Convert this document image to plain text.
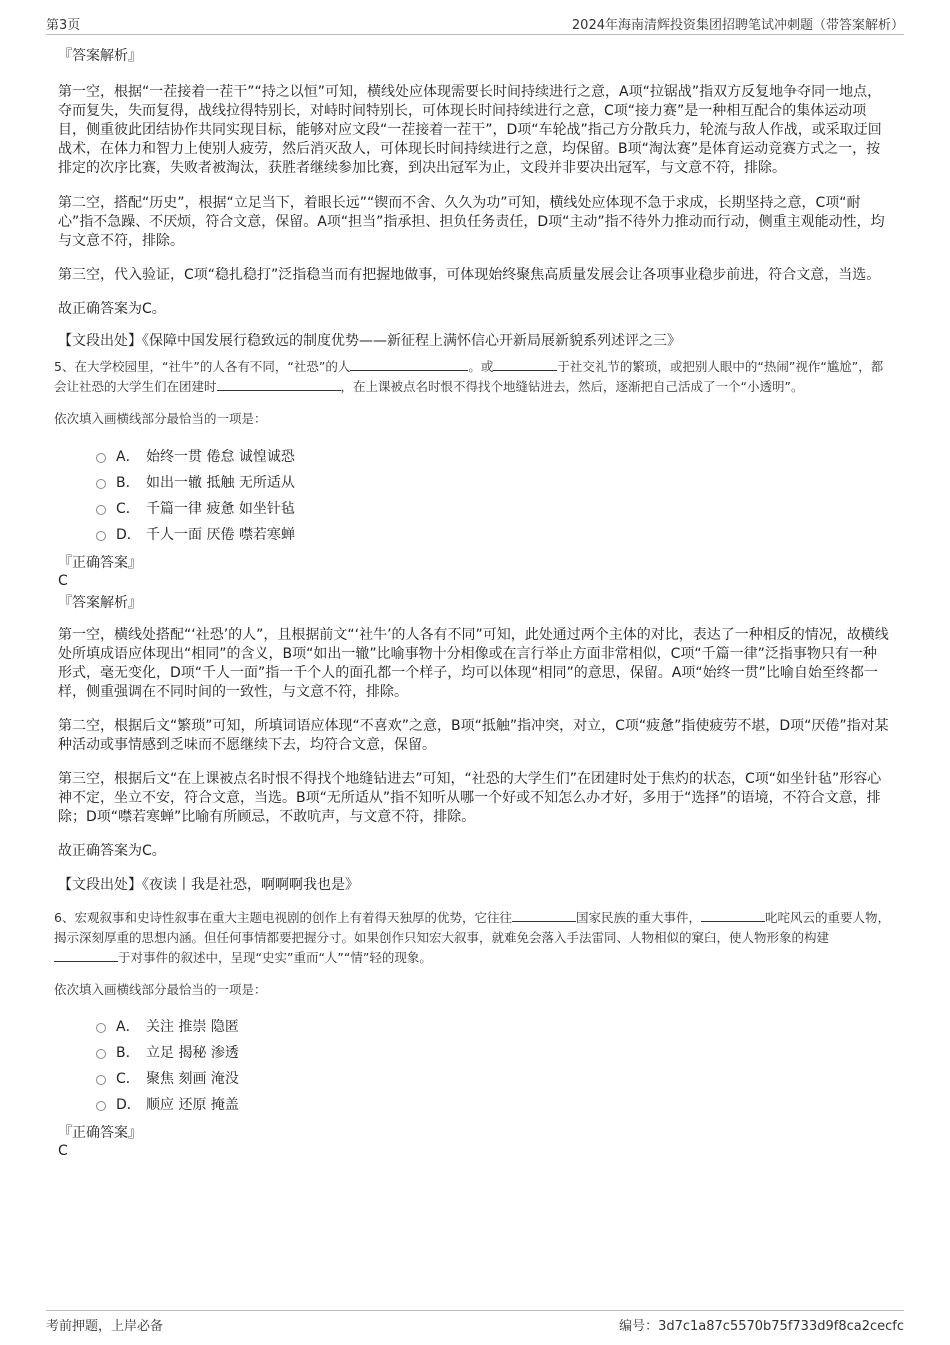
第3页	2024年海南清辉投资集团招聘笔试冲刺题（带答案解析）

『答案解析』

第一空，根据“一茬接着一茬干”“持之以恒”可知，横线处应体现需要长时间持续进行之意，A项“拉锯战”指双方反复地争夺同一地点，夺而复失，失而复得，战线拉得特别长，对峙时间特别长，可体现长时间持续进行之意，C项“接力赛”是一种相互配合的集体运动项目，侧重彼此团结协作共同实现目标，能够对应文段“一茬接着一茬干”，D项“车轮战”指己方分散兵力，轮流与敌人作战，或采取迂回战术，在体力和智力上使别人疲劳，然后消灭敌人，可体现长时间持续进行之意，均保留。B项“淘汰赛”是体育运动竞赛方式之一，按排定的次序比赛，失败者被淘汰，获胜者继续参加比赛，到决出冠军为止，文段并非要决出冠军，与文意不符，排除。

第二空，搭配“历史”，根据“立足当下，着眼长远”“锲而不舍、久久为功”可知，横线处应体现不急于求成，长期坚持之意，C项“耐心”指不急躁、不厌烦，符合文意，保留。A项“担当”指承担、担负任务责任，D项“主动”指不待外力推动而行动，侧重主观能动性，均与文意不符，排除。

第三空，代入验证，C项“稳扎稳打”泛指稳当而有把握地做事，可体现始终聚焦高质量发展会让各项事业稳步前进，符合文意，当选。

故正确答案为C。

【文段出处】《保障中国发展行稳致远的制度优势——新征程上满怀信心开新局展新貌系列述评之三》

5、在大学校园里，“社牛”的人各有不同，“社恐”的人	。或	于社交礼节的繁琐，或把别人眼中的“热闹”视作“尴尬”，都会让社恐的大学生们在团建时	，在上课被点名时恨不得找个地缝钻进去，然后，逐渐把自己活成了一个“小透明”。

依次填入画横线部分最恰当的一项是：

A． 始终一贯 倦怠 诚惶诚恐
B． 如出一辙 抵触 无所适从
C． 千篇一律 疲惫 如坐针毡
D． 千人一面 厌倦 噤若寒蝉

『正确答案』

C

『答案解析』

第一空，横线处搭配“‘社恐’的人”，且根据前文“‘社牛’的人各有不同”可知，此处通过两个主体的对比，表达了一种相反的情况，故横线处所填成语应体现出“相同”的含义，B项“如出一辙”比喻事物十分相像或在言行举止方面非常相似，C项“千篇一律”泛指事物只有一种形式，毫无变化，D项“千人一面”指一千个人的面孔都一个样子，均可以体现“相同”的意思，保留。A项“始终一贯”比喻自始至终都一样，侧重强调在不同时间的一致性，与文意不符，排除。

第二空，根据后文“繁琐”可知，所填词语应体现“不喜欢”之意，B项“抵触”指冲突，对立，C项“疲惫”指使疲劳不堪，D项“厌倦”指对某种活动或事情感到乏味而不愿继续下去，均符合文意，保留。

第三空，根据后文“在上课被点名时恨不得找个地缝钻进去”可知，“社恐的大学生们”在团建时处于焦灼的状态，C项“如坐针毡”形容心神不定，坐立不安，符合文意，当选。B项“无所适从”指不知听从哪一个好或不知怎么办才好，多用于“选择”的语境，不符合文意，排除；D项“噤若寒蝉”比喻有所顾忌，不敢吭声，与文意不符，排除。

故正确答案为C。

【文段出处】《夜读丨我是社恐，啊啊啊我也是》

6、宏观叙事和史诗性叙事在重大主题电视剧的创作上有着得天独厚的优势，它往往	国家民族的重大事件，	叱咤风云的重要人物，揭示深刻厚重的思想内涵。但任何事情都要把握分寸。如果创作只知宏大叙事，就难免会落入手法雷同、人物相似的窠臼，使人物形象的构建于对事件的叙述中，呈现“史实”重而“人”“情”轻的现象。

依次填入画横线部分最恰当的一项是：

A． 关注 推崇 隐匿
B． 立足 揭秘 渗透
C． 聚焦 刻画 淹没
D． 顺应 还原 掩盖

『正确答案』

C

考前押题，上岸必备	编号：3d7c1a87c5570b75f733d9f8ca2cecfc
